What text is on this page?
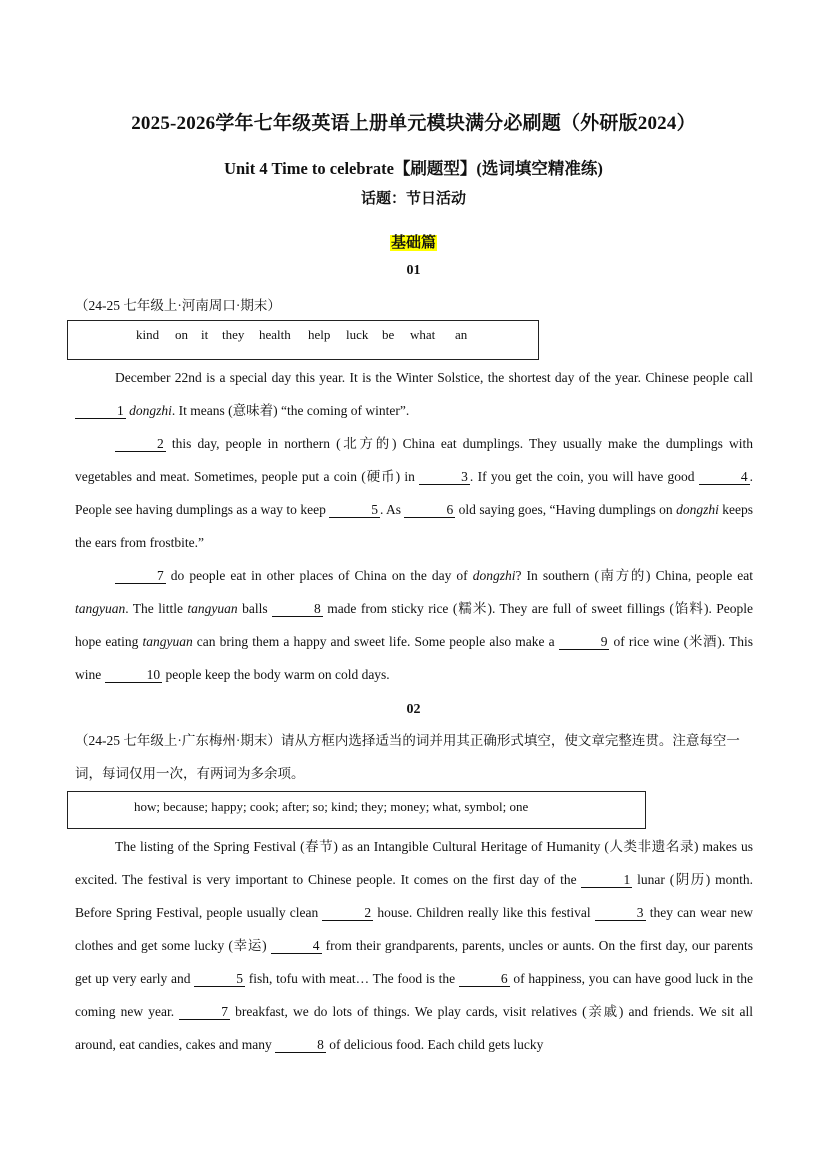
2025-2026学年七年级英语上册单元模块满分必刷题（外研版2024）
Unit 4 Time to celebrate【刷题型】(选词填空精准练)
话题：节日活动
基础篇
01
（24-25 七年级上·河南周口·期末）
kind on it they health help luck be what an

December 22nd is a special day this year. It is the Winter Solstice, the shortest day of the year. Chinese people call 1 dongzhi. It means (意味着) “the coming of winter”.

2 this day, people in northern (北方的) China eat dumplings. They usually make the dumplings with vegetables and meat. Sometimes, people put a coin (硬币) in	3 . If you get the coin, you will have good	4 . People see having dumplings as a way to keep	5 . As	6 old saying goes, “Having dumplings on dongzhi keeps the ears from frostbite.”

7 do people eat in other places of China on the day of dongzhi? In southern (南方的) China, people eat tangyuan. The little tangyuan balls	8 made from sticky rice (糯米). They are full of sweet fillings (馅料). People hope eating tangyuan can bring them a happy and sweet life. Some people also make a	9 of rice wine (米酒). This wine	10 people keep the body warm on cold days.

02
（24-25 七年级上·广东梅州·期末）请从方框内选择适当的词并用其正确形式填空，使文章完整连贯。注意每空一词，每词仅用一次，有两词为多余项。
how; because; happy; cook; after; so; kind; they; money; what, symbol; one

The listing of the Spring Festival (春节) as an Intangible Cultural Heritage of Humanity (人类非遗名录) makes us excited. The festival is very important to Chinese people. It comes on the first day of the	1 lunar (阴历) month. Before Spring Festival, people usually clean	2 house. Children really like this festival	3 they can wear new clothes and get some lucky (幸运)	4 from their grandparents, parents, uncles or aunts. On the first day, our parents get up very early and	5 fish, tofu with meat… The food is the	6 of happiness, you can have good luck in the coming new year.	7 breakfast, we do lots of things. We play cards, visit relatives (亲戚) and friends. We sit all around, eat candies, cakes and many	8 of delicious food. Each child gets lucky
